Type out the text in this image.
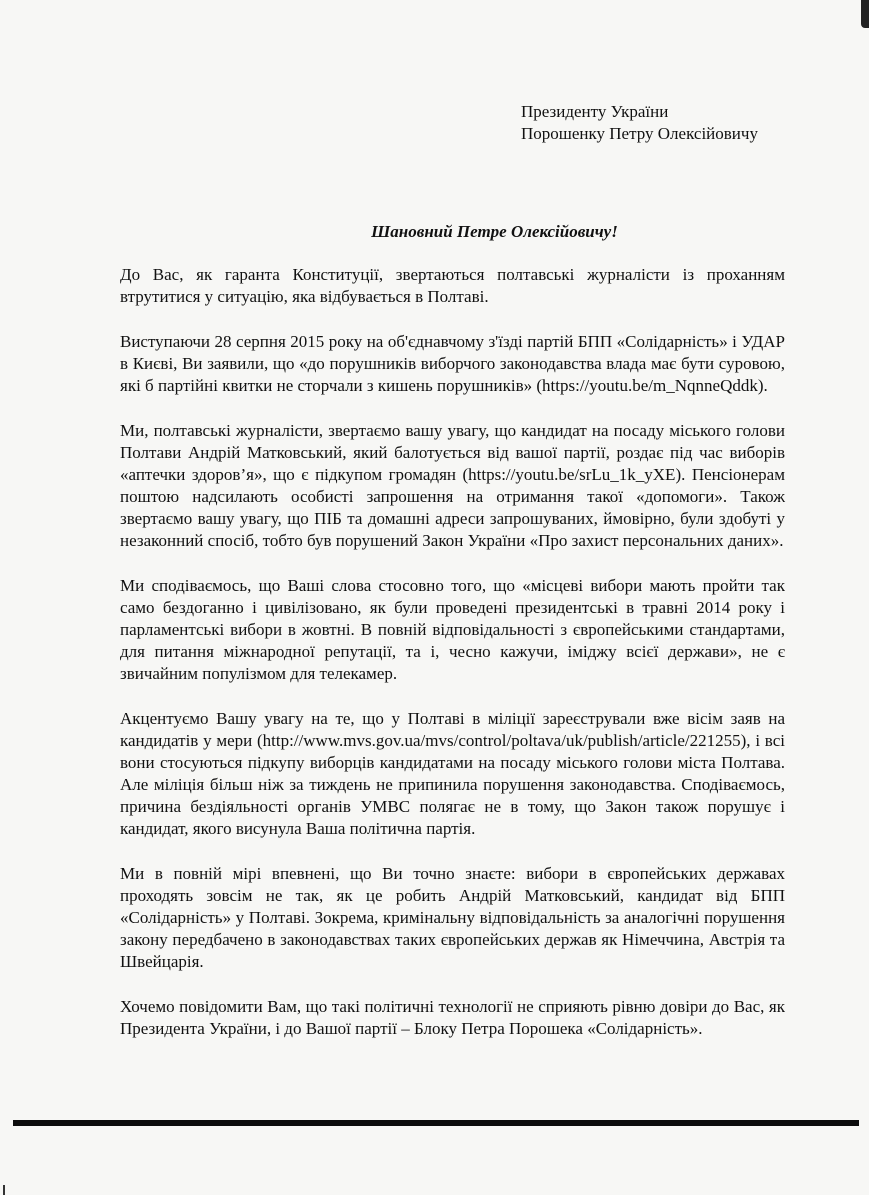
Президенту України
Порошенку Петру Олексійовичу
Шановний Петре Олексійовичу!

До Вас, як гаранта Конституції, звертаються полтавські журналісти із проханням втрутитися у ситуацію, яка відбувається в Полтаві.

Виступаючи 28 серпня 2015 року на об'єднавчому з'їзді партій БПП «Солідарність» і УДАР в Києві, Ви заявили, що «до порушників виборчого законодавства влада має бути суровою, які б партійні квитки не сторчали з кишень порушників» (https://youtu.be/m_NqnneQddk).

Ми, полтавські журналісти, звертаємо вашу увагу, що кандидат на посаду міського голови Полтави Андрій Матковський, який балотується від вашої партії, роздає під час виборів «аптечки здоров’я», що є підкупом громадян (https://youtu.be/srLu_1k_yXE). Пенсіонерам поштою надсилають особисті запрошення на отримання такої «допомоги». Також звертаємо вашу увагу, що ПІБ та домашні адреси запрошуваних, ймовірно, були здобуті у незаконний спосіб, тобто був порушений Закон України «Про захист персональних даних».

Ми сподіваємось, що Ваші слова стосовно того, що «місцеві вибори мають пройти так само бездоганно і цивілізовано, як були проведені президентські в травні 2014 року і парламентські вибори в жовтні. В повній відповідальності з європейськими стандартами, для питання міжнародної репутації, та і, чесно кажучи, іміджу всієї держави», не є звичайним популізмом для телекамер.

Акцентуємо Вашу увагу на те, що у Полтаві в міліції зареєстрували вже вісім заяв на кандидатів у мери (http://www.mvs.gov.ua/mvs/control/poltava/uk/publish/article/221255), і всі вони стосуються підкупу виборців кандидатами на посаду міського голови міста Полтава. Але міліція більш ніж за тиждень не припинила порушення законодавства. Сподіваємось, причина бездіяльності органів УМВС полягає не в тому, що Закон також порушує і кандидат, якого висунула Ваша політична партія.

Ми в повній мірі впевнені, що Ви точно знаєте: вибори в європейських державах проходять зовсім не так, як це робить Андрій Матковський, кандидат від БПП «Солідарність» у Полтаві. Зокрема, кримінальну відповідальність за аналогічні порушення закону передбачено в законодавствах таких європейських держав як Німеччина, Австрія та Швейцарія.

Хочемо повідомити Вам, що такі політичні технології не сприяють рівню довіри до Вас, як Президента України, і до Вашої партії – Блоку Петра Порошека «Солідарність».
